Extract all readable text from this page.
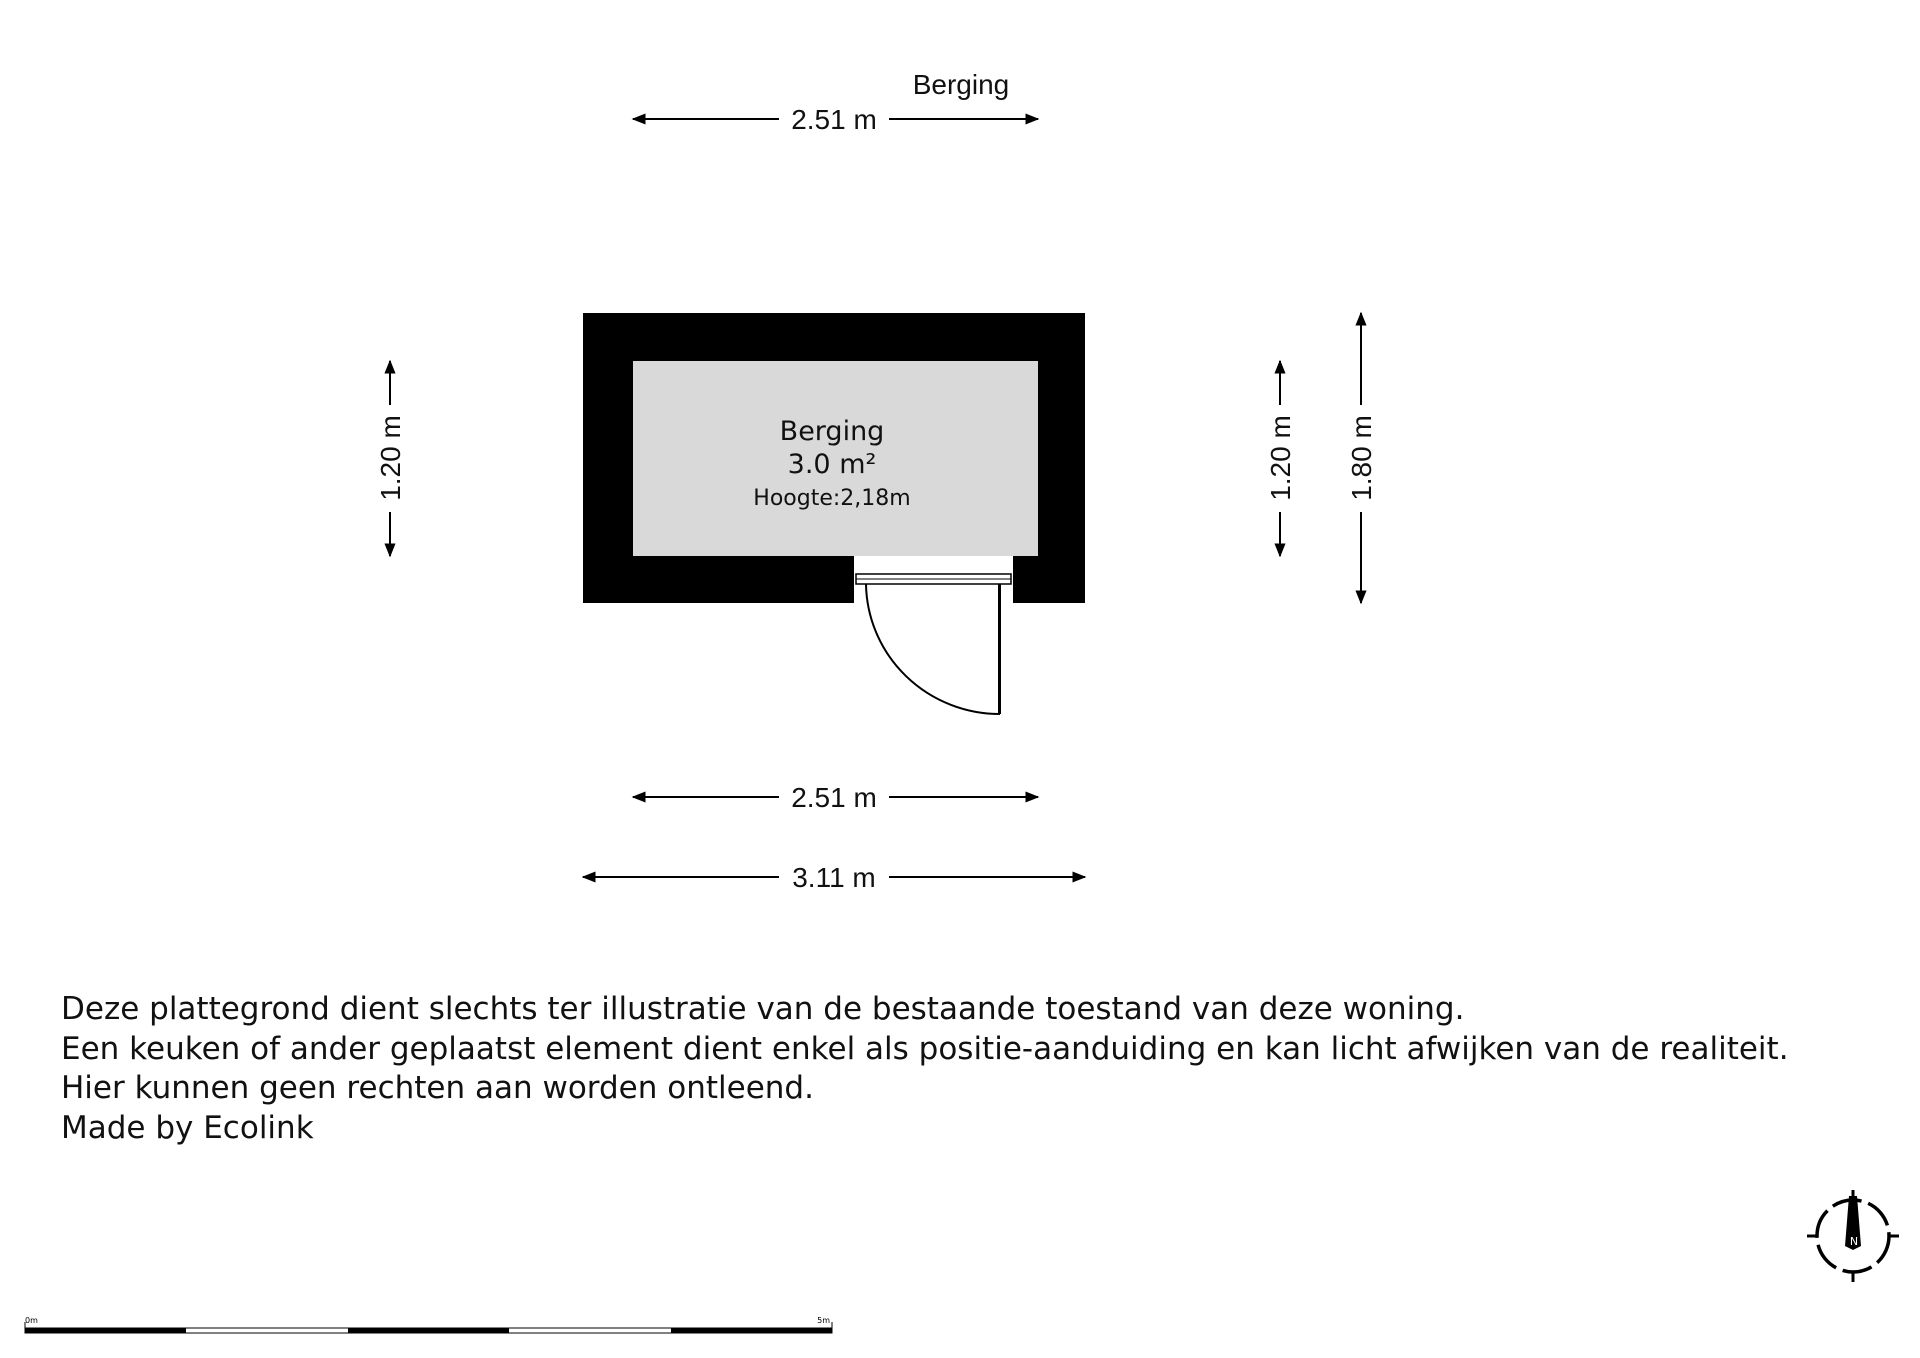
Berging
Berging
3.0 m²
Hoogte:2,18m
2.51 m
2.51 m
3.11 m
1.20 m	1.20 m 1.80 m
N
0m	5m
Deze plattegrond dient slechts ter illustratie van de bestaande toestand van deze woning.
Een keuken of ander geplaatst element dient enkel als positie-aanduiding en kan licht afwijken van de realiteit.
Hier kunnen geen rechten aan worden ontleend.
Made by Ecolink
